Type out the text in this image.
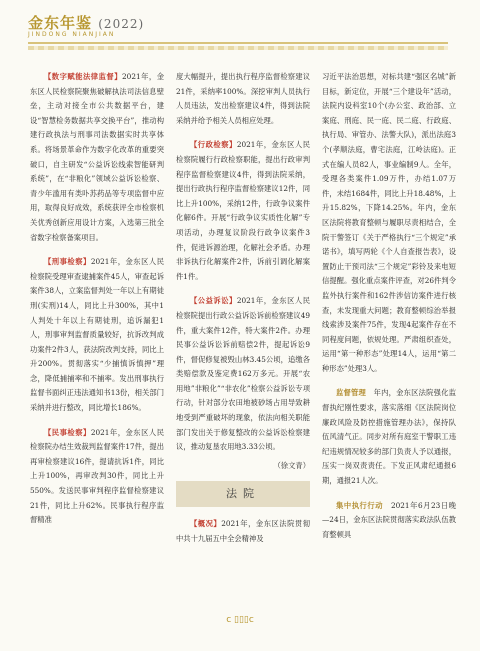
金东年鉴 (2022)
JINDONG NIANJIAN

【数字赋能法律监督】2021年，金东区人民检察院聚焦破解执法司法信息壁垒，主动对接全市公共数据平台，建设“智慧检务数据共享交换平台”，推动构建行政执法与刑事司法数据实时共享体系。将场景革命作为数字化改革的重要突破口，自主研发“公益诉讼线索智能研判系统”，在“非粮化”领域公益诉讼检察、青少年滥用有类卟苏药品等专项监督中应用，取得良好成效，系统获评全市检察机关优秀创新应用设计方案，入选第三批全省数字检察备案项目。

【刑事检察】2021年，金东区人民检察院受理审查逮捕案件45人，审查起诉案件38人，立案监督判处一年以上有期徒刑(实刑)14人，同比上升300%，其中1人判处十年以上有期徒刑，追诉漏犯1人，刑事审判监督质量较好，抗诉改判成功案件2件3人，获法院改判支持，同比上升200%。贯彻落实“少捕慎诉慎押”理念，降低捕捕率和不捕率。发出刑事执行监督书面纠正违法通知书13份，相关部门采纳并进行整改，同比增长186%。

【民事检察】2021年，金东区人民检察院办结生效裁判监督案件17件，提出再审检察建议16件，提请抗诉1件，同比上升100%，再审改判30件，同比上升550%。发送民事审判程序监督检察建议21件，同比上升62%。民事执行程序监督精准

度大幅提升，提出执行程序监督检察建议21件，采纳率100%。深挖审判人员执行人员违法，发出检察建议4件，得到法院采纳并给予相关人员相应处理。

【行政检察】2021年，金东区人民检察院履行行政检察职能，提出行政审判程序监督检察建议4件，得到法院采纳，提出行政执行程序监督检察建议12件，同比上升100%，采纳12件，行政争议案件化解6件。开展“行政争议实质性化解”专项活动，办理复议阶段行政争议案件3件，促进诉源治理，化解社会矛盾。办理非诉执行化解案件2件，诉前引调化解案件1件。

【公益诉讼】2021年，金东区人民检察院提出行政公益诉讼诉前检察建议49件，重大案件12件，特大案件2件。办理民事公益诉讼诉前赔偿2件，提起诉讼9件，督促修复被毁山林3.45公顷，追缴各类赔偿款及鉴定费162万多元。开展“农用地”非粮化”“非农化”检察公益诉讼专项行动，针对部分农田地被砂场占用导致耕地受到严重破坏的现象，依法向相关职能部门发出关于修复整改的公益诉讼检察建议，推动复垦农用地3.33公顷。

（徐文青）

法院

【概况】2021年，金东区法院贯彻中共十九届五中全会精神及

习近平法治思想，对标共建“强区名城”新目标，新定位，开展“三个建设年”活动，法院内设科室10个(办公室、政治部、立案庭、刑庭、民一庭、民二庭、行政庭、执行局、审管办、法警大队)，派出法庭3个(孝顺法庭，曹宅法庭，江岭法庭)。正式在编人员82人，事业编制9人。全年，受理各类案件1.09万件，办结1.07万件，未结1684件，同比上升18.48%，上升15.82%，下降14.25%。年内，金东区法院将教育整顿与履职尽责相结合，全院干警签订《关于严格执行“三个规定”承诺书》，填写两轮《个人自查报告表》，设置防止干预司法“三个规定”彩铃及来电短信提醒。强化重点案件评查，对26件判令监外执行案件和162件涉信访案件进行核查，未发现重大问题；教育整顿综治举报线索涉及案件75件，发现4起案件存在不同程度问题，依规处理。严肃组织查处，运用“第一种形态”处理14人，运用“第二种形态”处理3人。

监督管理　 年内，金东区法院强化监督执纪刚性要求，落实落细《区法院岗位廉政风险及防控措施管理办法》，保持队伍风清气正。同步对所有庭室干警职工违纪违规情况较多的部门负责人予以通报，压实一岗双责责任。下发正风肃纪通报6期，通报21人次。

集中执行行动　 2021年6月23日晚—24日，金东区法院贯彻落实政法队伍教育整顿具

c ▯▯▯c
